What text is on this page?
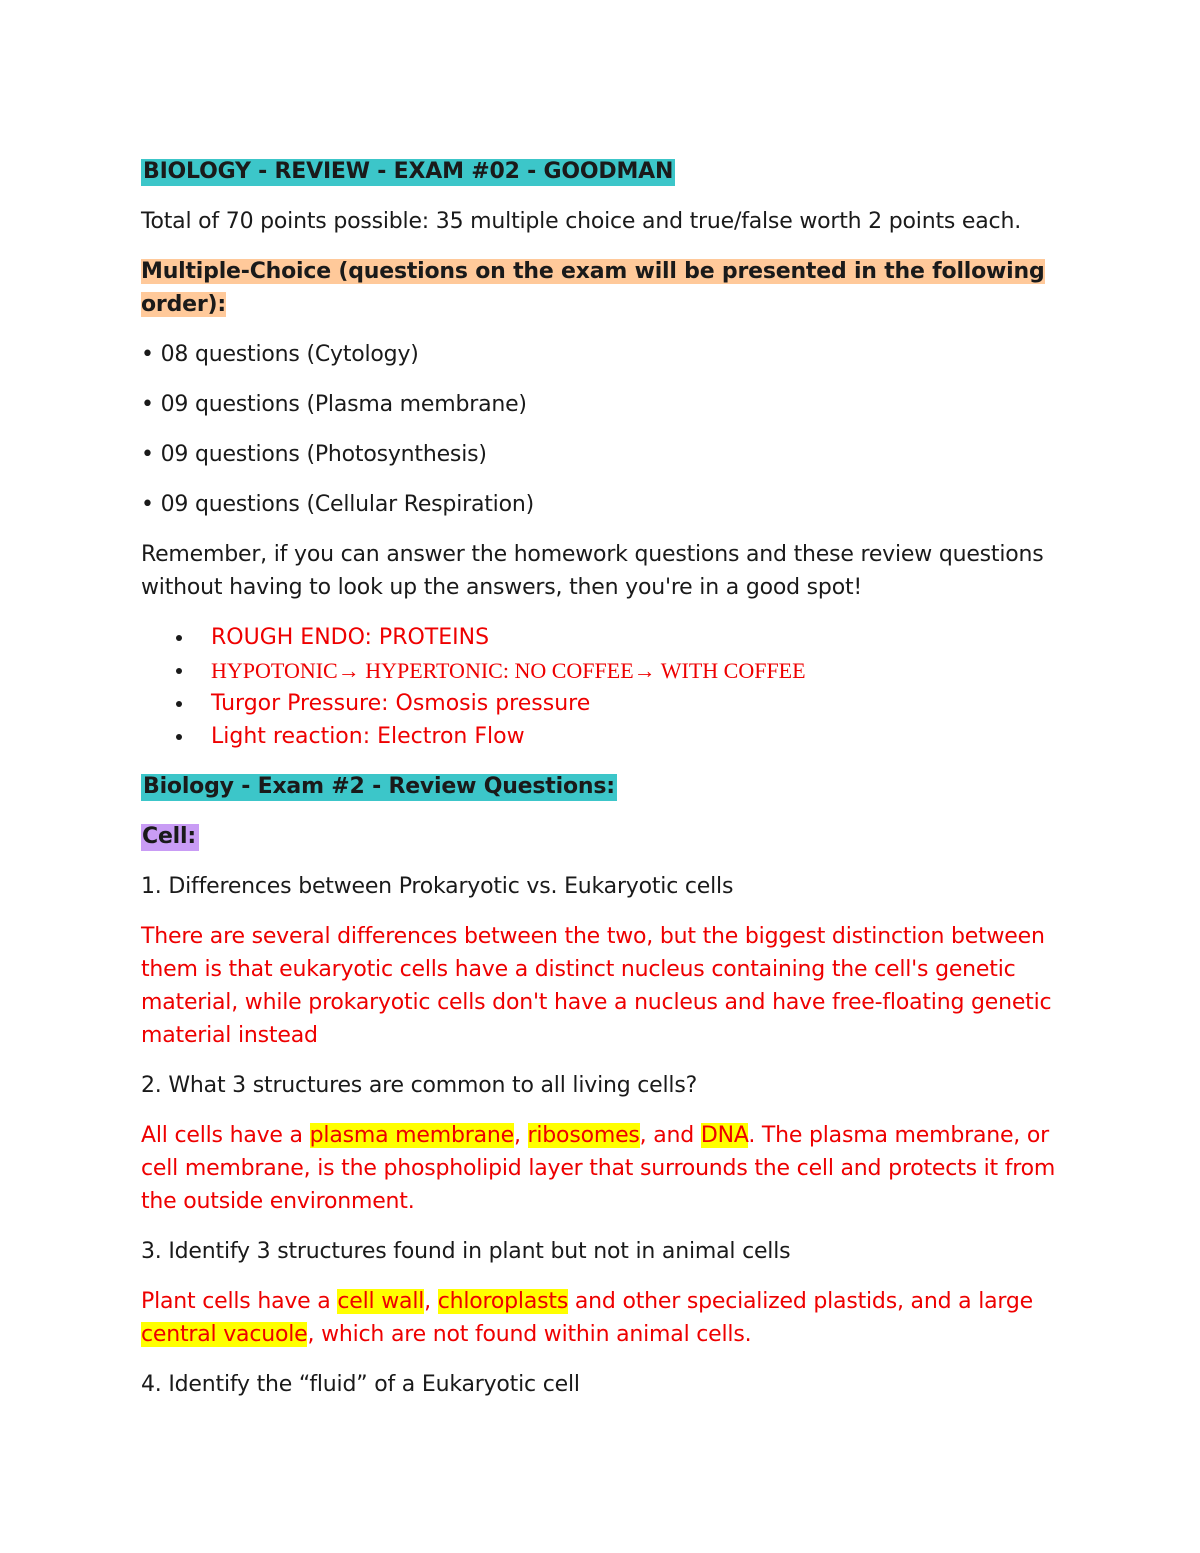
BIOLOGY - REVIEW - EXAM #02 - GOODMAN

Total of 70 points possible: 35 multiple choice and true/false worth 2 points each.

Multiple-Choice (questions on the exam will be presented in the following order):

• 08 questions (Cytology)

• 09 questions (Plasma membrane)

• 09 questions (Photosynthesis)

• 09 questions (Cellular Respiration)

Remember, if you can answer the homework questions and these review questions without having to look up the answers, then you're in a good spot!

ROUGH ENDO: PROTEINS
HYPOTONIC→ HYPERTONIC: NO COFFEE→ WITH COFFEE
Turgor Pressure: Osmosis pressure
Light reaction: Electron Flow

Biology - Exam #2 - Review Questions:

Cell:

1. Differences between Prokaryotic vs. Eukaryotic cells

There are several differences between the two, but the biggest distinction between them is that eukaryotic cells have a distinct nucleus containing the cell's genetic material, while prokaryotic cells don't have a nucleus and have free-floating genetic material instead

2. What 3 structures are common to all living cells?

All cells have a plasma membrane, ribosomes, and DNA. The plasma membrane, or cell membrane, is the phospholipid layer that surrounds the cell and protects it from the outside environment.

3. Identify 3 structures found in plant but not in animal cells

Plant cells have a cell wall, chloroplasts and other specialized plastids, and a large central vacuole, which are not found within animal cells.

4. Identify the “fluid” of a Eukaryotic cell
